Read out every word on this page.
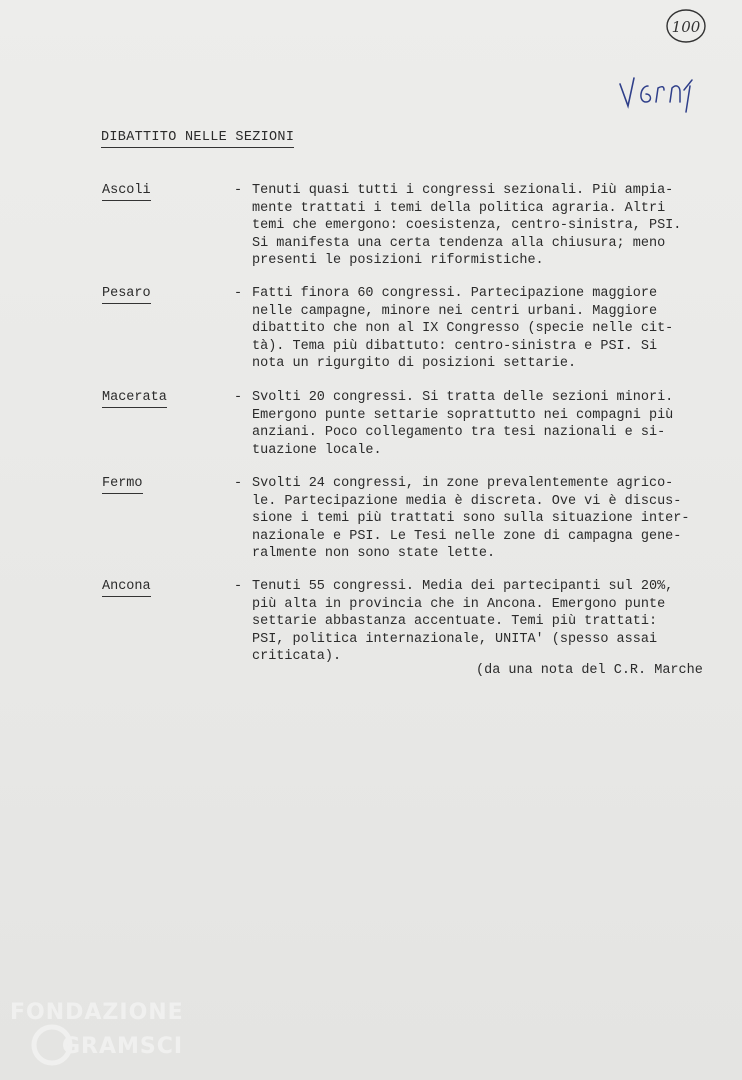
100
DIBATTITO NELLE SEZIONI
Ascoli	- Tenuti quasi tutti i congressi sezionali. Più ampia-
mente trattati i temi della politica agraria. Altri
temi che emergono: coesistenza, centro-sinistra, PSI.
Si manifesta una certa tendenza alla chiusura; meno
presenti le posizioni riformistiche.
Pesaro	- Fatti finora 60 congressi. Partecipazione maggiore
nelle campagne, minore nei centri urbani. Maggiore
dibattito che non al IX Congresso (specie nelle cit-
tà). Tema più dibattuto: centro-sinistra e PSI. Si
nota un rigurgito di posizioni settarie.
Macerata	- Svolti 20 congressi. Si tratta delle sezioni minori.
Emergono punte settarie soprattutto nei compagni più
anziani. Poco collegamento tra tesi nazionali e si-
tuazione locale.
Fermo	- Svolti 24 congressi, in zone prevalentemente agrico-
le. Partecipazione media è discreta. Ove vi è discus-
sione i temi più trattati sono sulla situazione inter-
nazionale e PSI. Le Tesi nelle zone di campagna gene-
ralmente non sono state lette.
Ancona	- Tenuti 55 congressi. Media dei partecipanti sul 20%,
più alta in provincia che in Ancona. Emergono punte
settarie abbastanza accentuate. Temi più trattati:
PSI, politica internazionale, UNITA' (spesso assai
criticata).
(da una nota del C.R. Marche
FONDAZIONE
GRAMSCI
